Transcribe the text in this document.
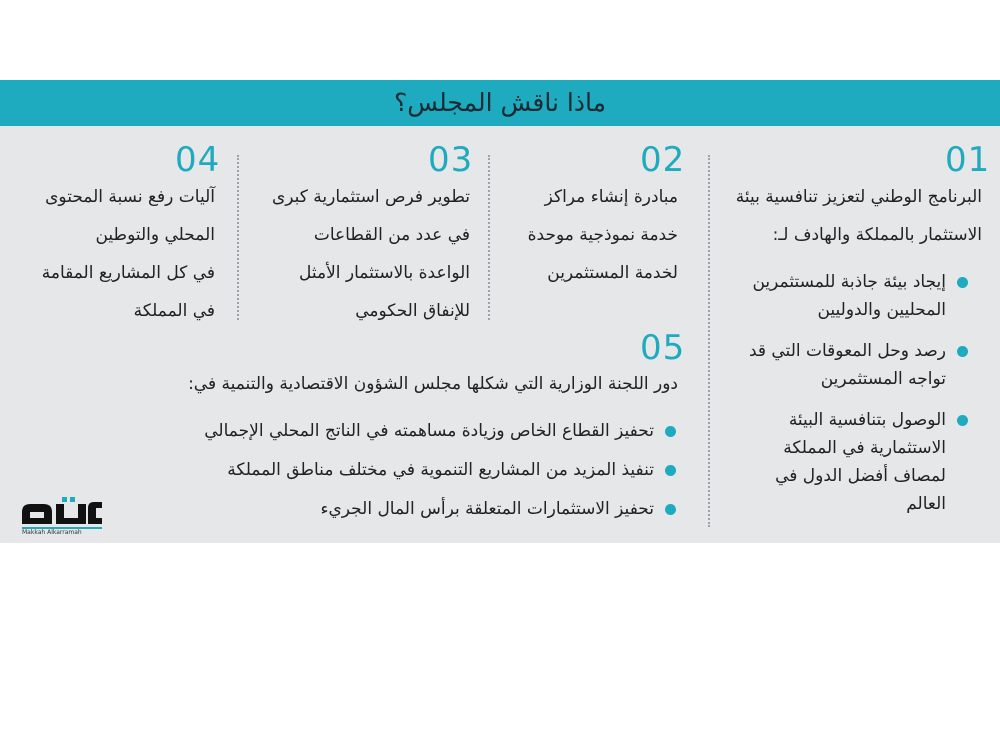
ماذا ناقش المجلس؟
01
البرنامج الوطني لتعزيز تنافسية بيئة
الاستثمار بالمملكة والهادف لـ:
إيجاد بيئة جاذبة للمستثمرين
المحليين والدوليين
رصد وحل المعوقات التي قد
تواجه المستثمرين
الوصول بتنافسية البيئة
الاستثمارية في المملكة
لمصاف أفضل الدول في
العالم
02
مبادرة إنشاء مراكز
خدمة نموذجية موحدة
لخدمة المستثمرين
03
تطوير فرص استثمارية كبرى
في عدد من القطاعات
الواعدة بالاستثمار الأمثل
للإنفاق الحكومي
04
آليات رفع نسبة المحتوى
المحلي والتوطين
في كل المشاريع المقامة
في المملكة
05
دور اللجنة الوزارية التي شكلها مجلس الشؤون الاقتصادية والتنمية في:
تحفيز القطاع الخاص وزيادة مساهمته في الناتج المحلي الإجمالي
تنفيذ المزيد من المشاريع التنموية في مختلف مناطق المملكة
تحفيز الاستثمارات المتعلقة برأس المال الجريء
Makkah Alkarramah
